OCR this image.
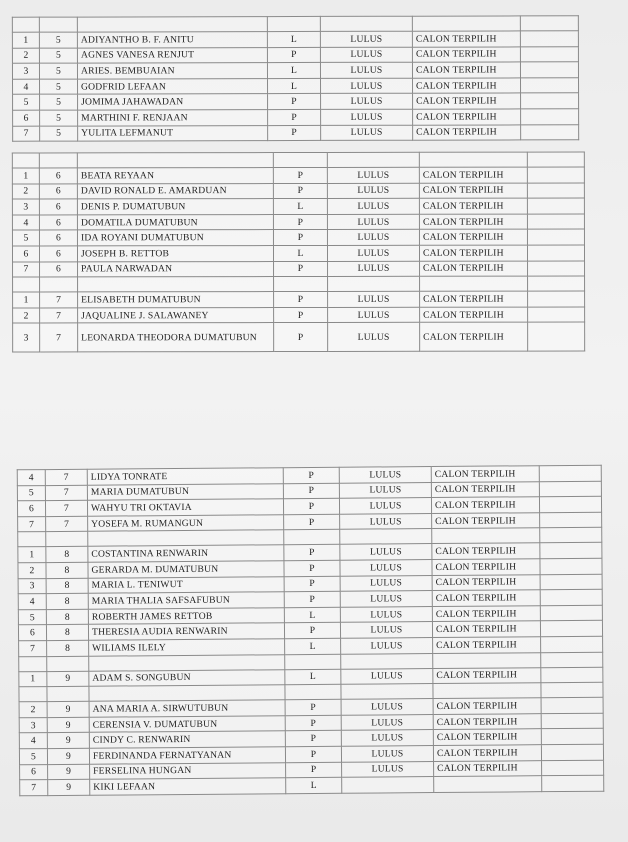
1	5	ADIYANTHO B. F. ANITU	L	LULUS	CALON TERPILIH	
2	5	AGNES VANESA RENJUT	P	LULUS	CALON TERPILIH	
3	5	ARIES. BEMBUAIAN	L	LULUS	CALON TERPILIH	
4	5	GODFRID LEFAAN	L	LULUS	CALON TERPILIH	
5	5	JOMIMA JAHAWADAN	P	LULUS	CALON TERPILIH	
6	5	MARTHINI F. RENJAAN	P	LULUS	CALON TERPILIH	
7	5	YULITA LEFMANUT	P	LULUS	CALON TERPILIH	

1	6	BEATA REYAAN	P	LULUS	CALON TERPILIH	
2	6	DAVID RONALD E. AMARDUAN	P	LULUS	CALON TERPILIH	
3	6	DENIS P. DUMATUBUN	L	LULUS	CALON TERPILIH	
4	6	DOMATILA DUMATUBUN	P	LULUS	CALON TERPILIH	
5	6	IDA ROYANI DUMATUBUN	P	LULUS	CALON TERPILIH	
6	6	JOSEPH B. RETTOB	L	LULUS	CALON TERPILIH	
7	6	PAULA NARWADAN	P	LULUS	CALON TERPILIH	

1	7	ELISABETH DUMATUBUN	P	LULUS	CALON TERPILIH	
2	7	JAQUALINE J. SALAWANEY	P	LULUS	CALON TERPILIH	
3	7	LEONARDA THEODORA DUMATUBUN	P	LULUS	CALON TERPILIH	
4	7	LIDYA TONRATE	P	LULUS	CALON TERPILIH	
5	7	MARIA DUMATUBUN	P	LULUS	CALON TERPILIH	
6	7	WAHYU TRI OKTAVIA	P	LULUS	CALON TERPILIH	
7	7	YOSEFA M. RUMANGUN	P	LULUS	CALON TERPILIH	

1	8	COSTANTINA RENWARIN	P	LULUS	CALON TERPILIH	
2	8	GERARDA M. DUMATUBUN	P	LULUS	CALON TERPILIH	
3	8	MARIA L. TENIWUT	P	LULUS	CALON TERPILIH	
4	8	MARIA THALIA SAFSAFUBUN	P	LULUS	CALON TERPILIH	
5	8	ROBERTH JAMES RETTOB	L	LULUS	CALON TERPILIH	
6	8	THERESIA AUDIA RENWARIN	P	LULUS	CALON TERPILIH	
7	8	WILIAMS ILELY	L	LULUS	CALON TERPILIH	

1	9	ADAM S. SONGUBUN	L	LULUS	CALON TERPILIH	

2	9	ANA MARIA A. SIRWUTUBUN	P	LULUS	CALON TERPILIH	
3	9	CERENSIA V. DUMATUBUN	P	LULUS	CALON TERPILIH	
4	9	CINDY C. RENWARIN	P	LULUS	CALON TERPILIH	
5	9	FERDINANDA FERNATYANAN	P	LULUS	CALON TERPILIH	
6	9	FERSELINA HUNGAN	P	LULUS	CALON TERPILIH	
7	9	KIKI LEFAAN	L			
